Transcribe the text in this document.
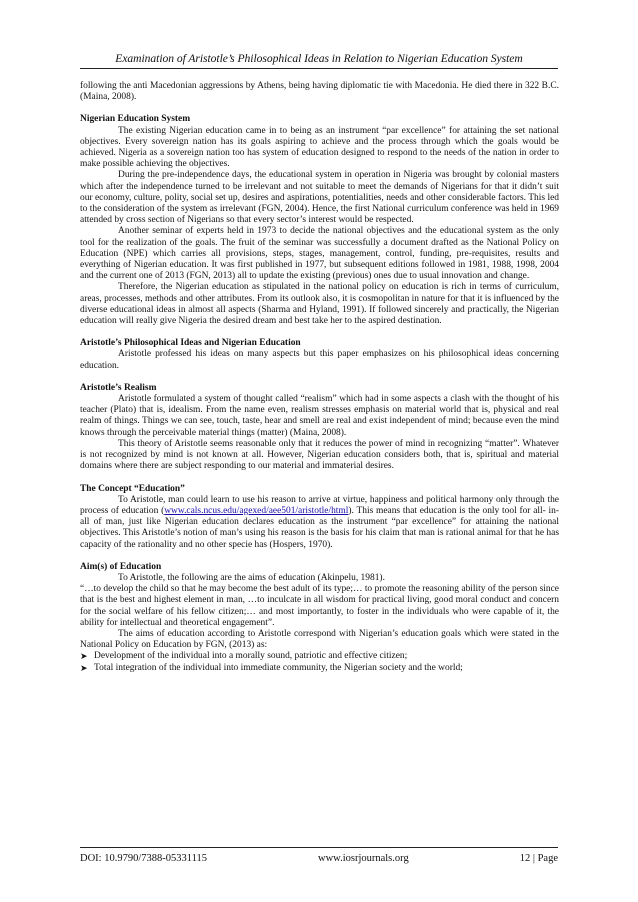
Examination of Aristotle’s Philosophical Ideas in Relation to Nigerian Education System

following the anti Macedonian aggressions by Athens, being having diplomatic tie with Macedonia. He died there in 322 B.C. (Maina, 2008).

Nigerian Education System

The existing Nigerian education came in to being as an instrument “par excellence” for attaining the set national objectives. Every sovereign nation has its goals aspiring to achieve and the process through which the goals would be achieved. Nigeria as a sovereign nation too has system of education designed to respond to the needs of the nation in order to make possible achieving the objectives.

During the pre-independence days, the educational system in operation in Nigeria was brought by colonial masters which after the independence turned to be irrelevant and not suitable to meet the demands of Nigerians for that it didn’t suit our economy, culture, polity, social set up, desires and aspirations, potentialities, needs and other considerable factors. This led to the consideration of the system as irrelevant (FGN, 2004). Hence, the first National curriculum conference was held in 1969 attended by cross section of Nigerians so that every sector’s interest would be respected.

Another seminar of experts held in 1973 to decide the national objectives and the educational system as the only tool for the realization of the goals. The fruit of the seminar was successfully a document drafted as the National Policy on Education (NPE) which carries all provisions, steps, stages, management, control, funding, pre-requisites, results and everything of Nigerian education. It was first published in 1977, but subsequent editions followed in 1981, 1988, 1998, 2004 and the current one of 2013 (FGN, 2013) all to update the existing (previous) ones due to usual innovation and change.

Therefore, the Nigerian education as stipulated in the national policy on education is rich in terms of curriculum, areas, processes, methods and other attributes. From its outlook also, it is cosmopolitan in nature for that it is influenced by the diverse educational ideas in almost all aspects (Sharma and Hyland, 1991). If followed sincerely and practically, the Nigerian education will really give Nigeria the desired dream and best take her to the aspired destination.

Aristotle’s Philosophical Ideas and Nigerian Education

Aristotle professed his ideas on many aspects but this paper emphasizes on his philosophical ideas concerning education.

Aristotle’s Realism

Aristotle formulated a system of thought called “realism” which had in some aspects a clash with the thought of his teacher (Plato) that is, idealism. From the name even, realism stresses emphasis on material world that is, physical and real realm of things. Things we can see, touch, taste, hear and smell are real and exist independent of mind; because even the mind knows through the perceivable material things (matter) (Maina, 2008).

This theory of Aristotle seems reasonable only that it reduces the power of mind in recognizing “matter”. Whatever is not recognized by mind is not known at all. However, Nigerian education considers both, that is, spiritual and material domains where there are subject responding to our material and immaterial desires.

The Concept “Education”

To Aristotle, man could learn to use his reason to arrive at virtue, happiness and political harmony only through the process of education (www.cals.ncus.edu/agexed/aee501/aristotle/html). This means that education is the only tool for all- in-all of man, just like Nigerian education declares education as the instrument “par excellence” for attaining the national objectives. This Aristotle’s notion of man’s using his reason is the basis for his claim that man is rational animal for that he has capacity of the rationality and no other specie has (Hospers, 1970).

Aim(s) of Education

To Aristotle, the following are the aims of education (Akinpelu, 1981).

“…to develop the child so that he may become the best adult of its type;… to promote the reasoning ability of the person since that is the best and highest element in man, …to inculcate in all wisdom for practical living, good moral conduct and concern for the social welfare of his fellow citizen;… and most importantly, to foster in the individuals who were capable of it, the ability for intellectual and theoretical engagement”.

The aims of education according to Aristotle correspond with Nigerian’s education goals which were stated in the National Policy on Education by FGN, (2013) as:

➤ Development of the individual into a morally sound, patriotic and effective citizen;
➤ Total integration of the individual into immediate community, the Nigerian society and the world;
DOI: 10.9790/7388-05331115	www.iosrjournals.org	12 | Page
